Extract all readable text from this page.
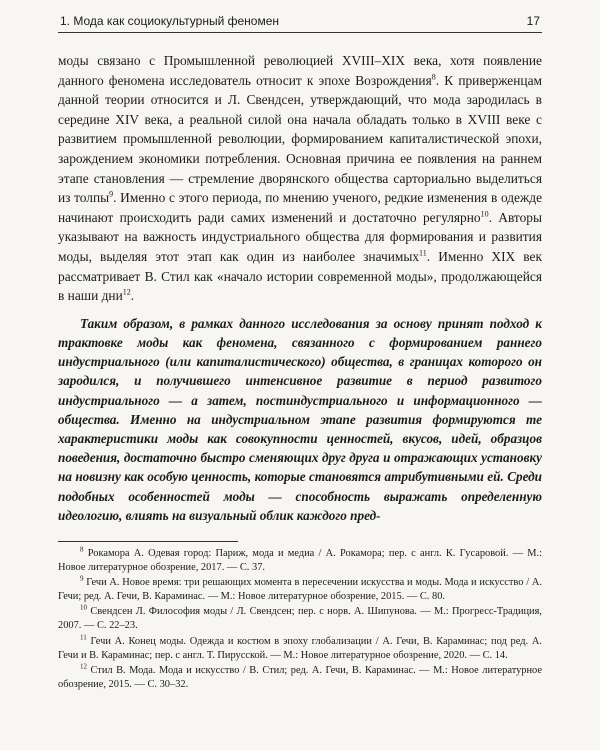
1. Мода как социокультурный феномен	17

моды связано с Промышленной революцией XVIII–XIX века, хотя появление данного феномена исследователь относит к эпохе Возрождения$^8$. К приверженцам данной теории относится и Л. Свендсен, утверждающий, что мода зародилась в середине XIV века, а реальной силой она начала обладать только в XVIII веке с развитием промышленной революции, формированием капиталистической эпохи, зарождением экономики потребления. Основная причина ее появления на раннем этапе становления — стремление дворянского общества сарториально выделиться из толпы$^9$. Именно с этого периода, по мнению ученого, редкие изменения в одежде начинают происходить ради самих изменений и достаточно регулярно$^{10}$. Авторы указывают на важность индустриального общества для формирования и развития моды, выделяя этот этап как один из наиболее значимых$^{11}$. Именно XIX век рассматривает В. Стил как «начало истории современной моды», продолжающейся в наши дни$^{12}$.

Таким образом, в рамках данного исследования за основу принят подход к трактовке моды как феномена, связанного с формированием раннего индустриального (или капиталистического) общества, в границах которого он зародился, и получившего интенсивное развитие в период развитого индустриального — а затем, постиндустриального и информационного — общества. Именно на индустриальном этапе развития формируются те характеристики моды как совокупности ценностей, вкусов, идей, образцов поведения, достаточно быстро сменяющих друг друга и отражающих установку на новизну как особую ценность, которые становятся атрибутивными ей. Среди подобных особенностей моды — способность выражать определенную идеологию, влиять на визуальный облик каждого пред-

$^8$ Рокамора А. Одевая город: Париж, мода и медиа / А. Рокамора; пер. с англ. К. Гусаровой. — М.: Новое литературное обозрение, 2017. — С. 37.

$^9$ Гечи А. Новое время: три решающих момента в пересечении искусства и моды. Мода и искусство / А. Гечи; ред. А. Гечи, В. Караминас. — М.: Новое литературное обозрение, 2015. — С. 80.

$^{10}$ Свендсен Л. Философия моды / Л. Свендсен; пер. с норв. А. Шипунова. — М.: Прогресс-Традиция, 2007. — С. 22–23.

$^{11}$ Гечи А. Конец моды. Одежда и костюм в эпоху глобализации / А. Гечи, В. Караминас; под ред. А. Гечи и В. Караминас; пер. с англ. Т. Пирусской. — М.: Новое литературное обозрение, 2020. — С. 14.

$^{12}$ Стил В. Мода. Мода и искусство / В. Стил; ред. А. Гечи, В. Караминас. — М.: Новое литературное обозрение, 2015. — С. 30–32.
